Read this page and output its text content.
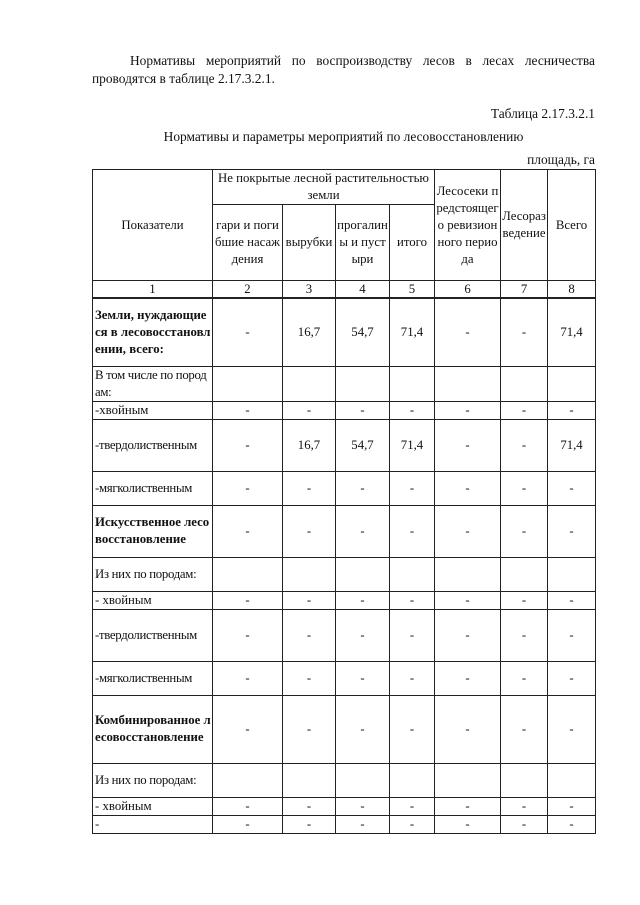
Нормативы мероприятий по воспроизводству лесов в лесах лесничества проводятся в таблице 2.17.3.2.1.

Таблица 2.17.3.2.1

Нормативы и параметры мероприятий по лесовосстановлению

площадь, га

Показатели	Не покрытые лесной растительностью земли				Лесосеки предстоящего ревизионного периода	Лесоразведение	Всего
	гари и погибшие насаждения	вырубки	прогалины и пустыри	итого			
1	2	3	4	5	6	7	8
Земли, нуждающиеся в лесовосстановлении, всего:	-	16,7	54,7	71,4	-	-	71,4
В том числе по породам:							
-хвойным	-	-	-	-	-	-	-
-твердолиственным	-	16,7	54,7	71,4	-	-	71,4
-мягколиственным	-	-	-	-	-	-	-
Искусственное лесовосстановление	-	-	-	-	-	-	-
Из них по породам:							
- хвойным	-	-	-	-	-	-	-
-твердолиственным	-	-	-	-	-	-	-
-мягколиственным	-	-	-	-	-	-	-
Комбинированное лесовосстановление	-	-	-	-	-	-	-
Из них по породам:							
- хвойным	-	-	-	-	-	-	-
-	-	-	-	-	-	-	-
